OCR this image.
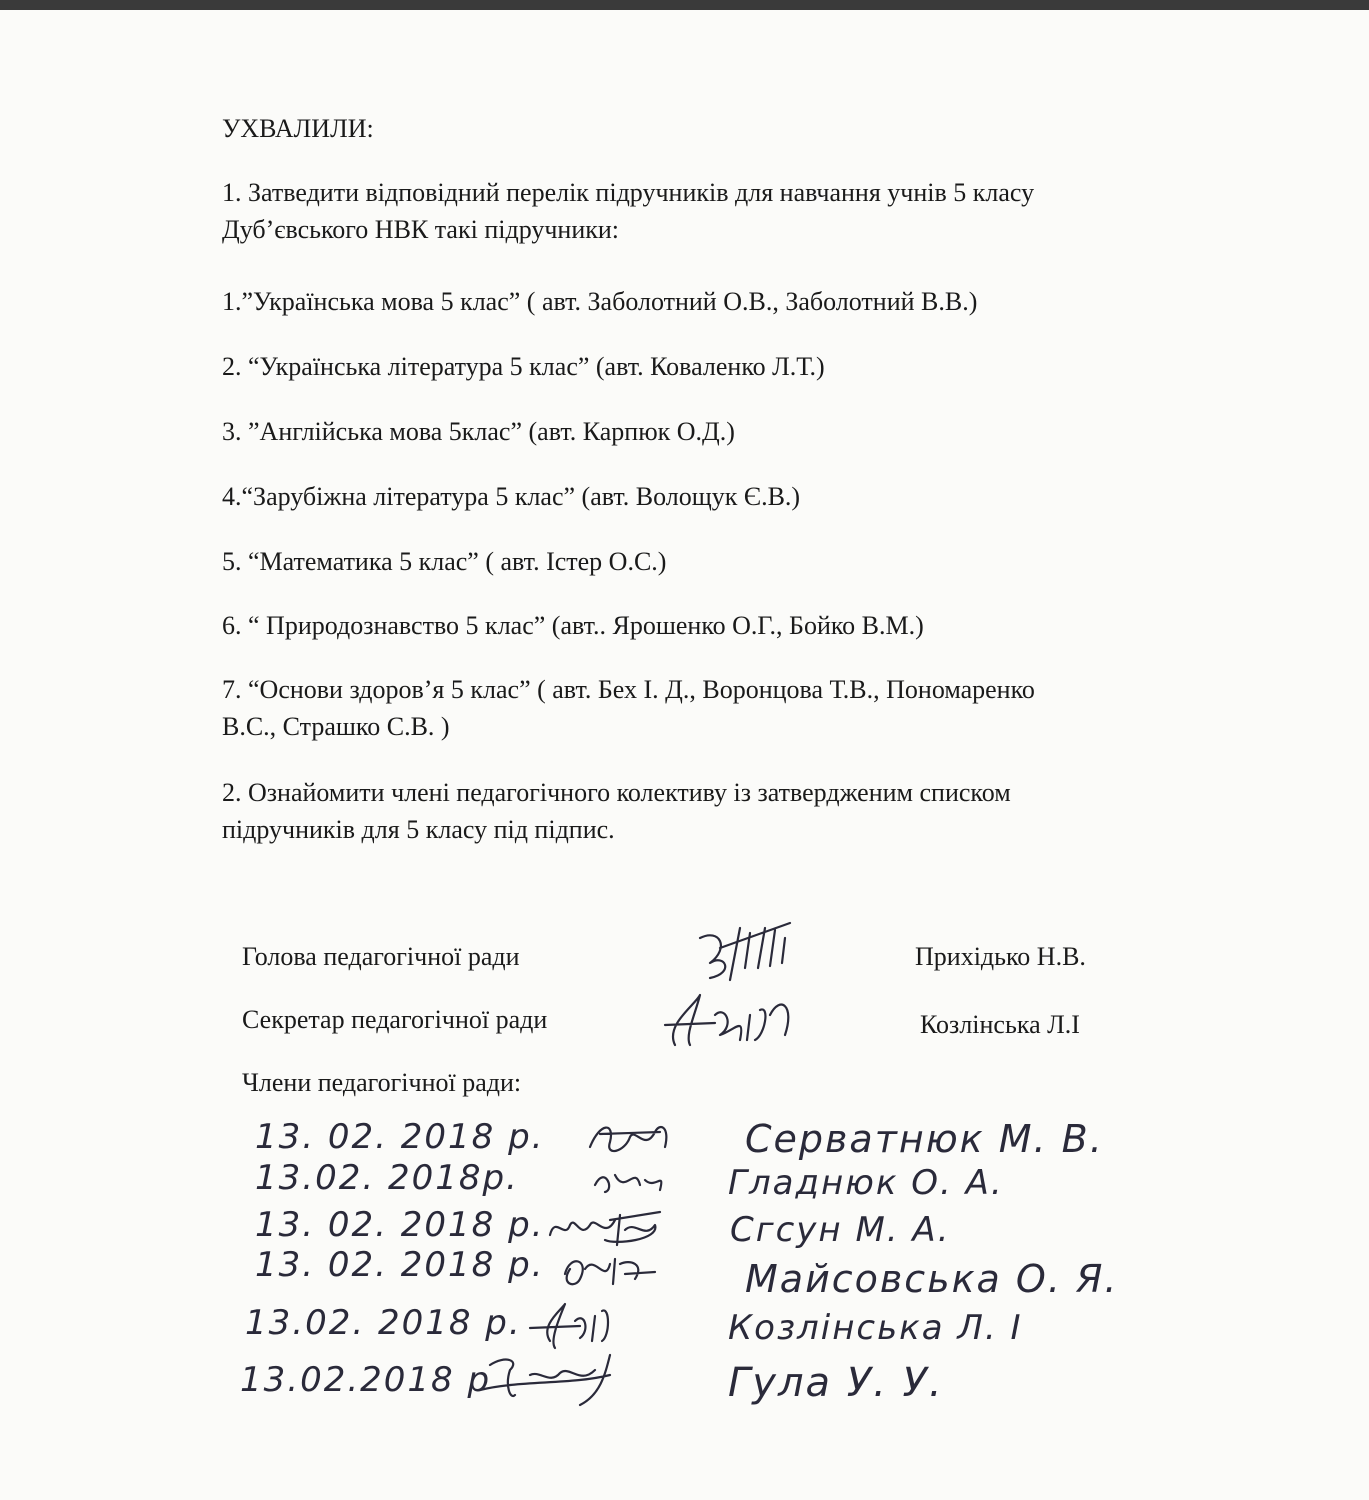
УХВАЛИЛИ:
1. Затведити відповідний перелік підручників для навчання учнів 5 класу
Дуб’євського НВК такі підручники:
1.”Українська мова 5 клас” ( авт. Заболотний О.В., Заболотний В.В.)
2. “Українська література 5 клас” (авт. Коваленко Л.Т.)
3. ”Англійська мова 5клас” (авт. Карпюк О.Д.)
4.“Зарубіжна література 5 клас” (авт. Волощук Є.В.)
5. “Математика 5 клас” ( авт. Істер О.С.)
6. “ Природознавство 5 клас” (авт.. Ярошенко О.Г., Бойко В.М.)
7. “Основи здоров’я 5 клас” ( авт. Бех І. Д., Воронцова Т.В., Пономаренко
В.С., Страшко С.В. )
2. Ознайомити члені педагогічного колективу із затвердженим списком
підручників для 5 класу під підпис.
Голова педагогічної ради	Прихідько Н.В.
Секретар педагогічної ради	Козлінська Л.І
Члени педагогічної ради:
13. 02. 2018 р.	Серватнюк М. В.
13.02. 2018р.	Гладнюк О. А.
13. 02. 2018 р.	Сгсун М. А.
13. 02. 2018 р.	Майсовська О. Я.
13.02. 2018 р.	Козлінська Л. І
13.02.2018 р	Гула У. У.
